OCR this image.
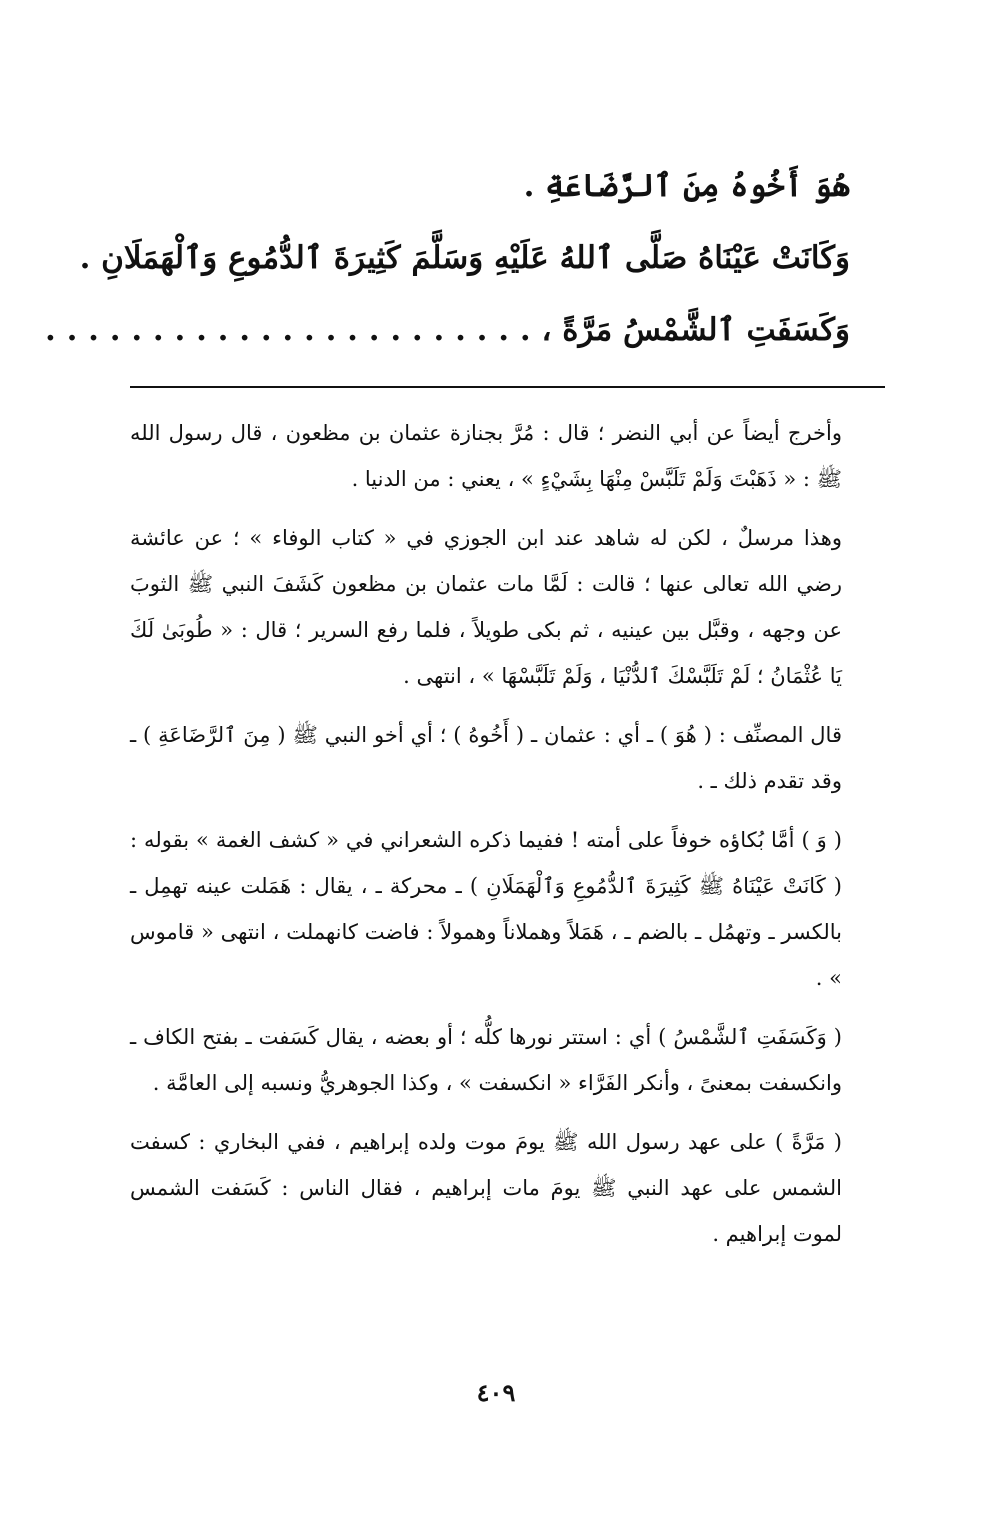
هُوَ أَخُوهُ مِنَ ٱلرَّضَاعَةِ .
وَكَانَتْ عَيْنَاهُ صَلَّى ٱللهُ عَلَيْهِ وَسَلَّمَ كَثِيرَةَ ٱلدُّمُوعِ وَٱلْهَمَلَانِ .
وَكَسَفَتِ ٱلشَّمْسُ مَرَّةً ، . . . . . . . . . . . . . . . . . . . . . . .

وأخرج أيضاً عن أبي النضر ؛ قال : مُرَّ بجنازة عثمان بن مظعون ، قال رسول الله ﷺ : « ذَهَبْتَ وَلَمْ تَلَبَّسْ مِنْهَا بِشَيْءٍ » ، يعني : من الدنيا .

وهذا مرسلٌ ، لكن له شاهد عند ابن الجوزي في « كتاب الوفاء » ؛ عن عائشة رضي الله تعالى عنها ؛ قالت : لَمَّا مات عثمان بن مظعون كَشَفَ النبي ﷺ الثوبَ عن وجهه ، وقبَّل بين عينيه ، ثم بكى طويلاً ، فلما رفع السرير ؛ قال : « طُوبَىٰ لَكَ يَا عُثْمَانُ ؛ لَمْ تَلَبَّسْكَ ٱلدُّنْيَا ، وَلَمْ تَلَبَّسْهَا » ، انتهى .

قال المصنِّف : ( هُوَ ) ـ أي : عثمان ـ ( أَخُوهُ ) ؛ أي أخو النبي ﷺ ( مِنَ ٱلرَّضَاعَةِ ) ـ وقد تقدم ذلك ـ .

( وَ ) أمَّا بُكاؤه خوفاً على أمته ! ففيما ذكره الشعراني في « كشف الغمة » بقوله : ( كَانَتْ عَيْنَاهُ ﷺ كَثِيرَةَ ٱلدُّمُوعِ وَٱلْهَمَلَانِ ) ـ محركة ـ ، يقال : هَمَلت عينه تهمِل ـ بالكسر ـ وتهمُل ـ بالضم ـ ، هَمَلاً وهملاناً وهمولاً : فاضت كانهملت ، انتهى « قاموس » .

( وَكَسَفَتِ ٱلشَّمْسُ ) أي : استتر نورها كلُّه ؛ أو بعضه ، يقال كَسَفت ـ بفتح الكاف ـ وانكسفت بمعنىً ، وأنكر الفَرَّاء « انكسفت » ، وكذا الجوهريُّ ونسبه إلى العامَّة .

( مَرَّةً ) على عهد رسول الله ﷺ يومَ موت ولده إبراهيم ، ففي البخاري : كسفت الشمس على عهد النبي ﷺ يومَ مات إبراهيم ، فقال الناس : كَسَفت الشمس لموت إبراهيم .

٤٠٩
